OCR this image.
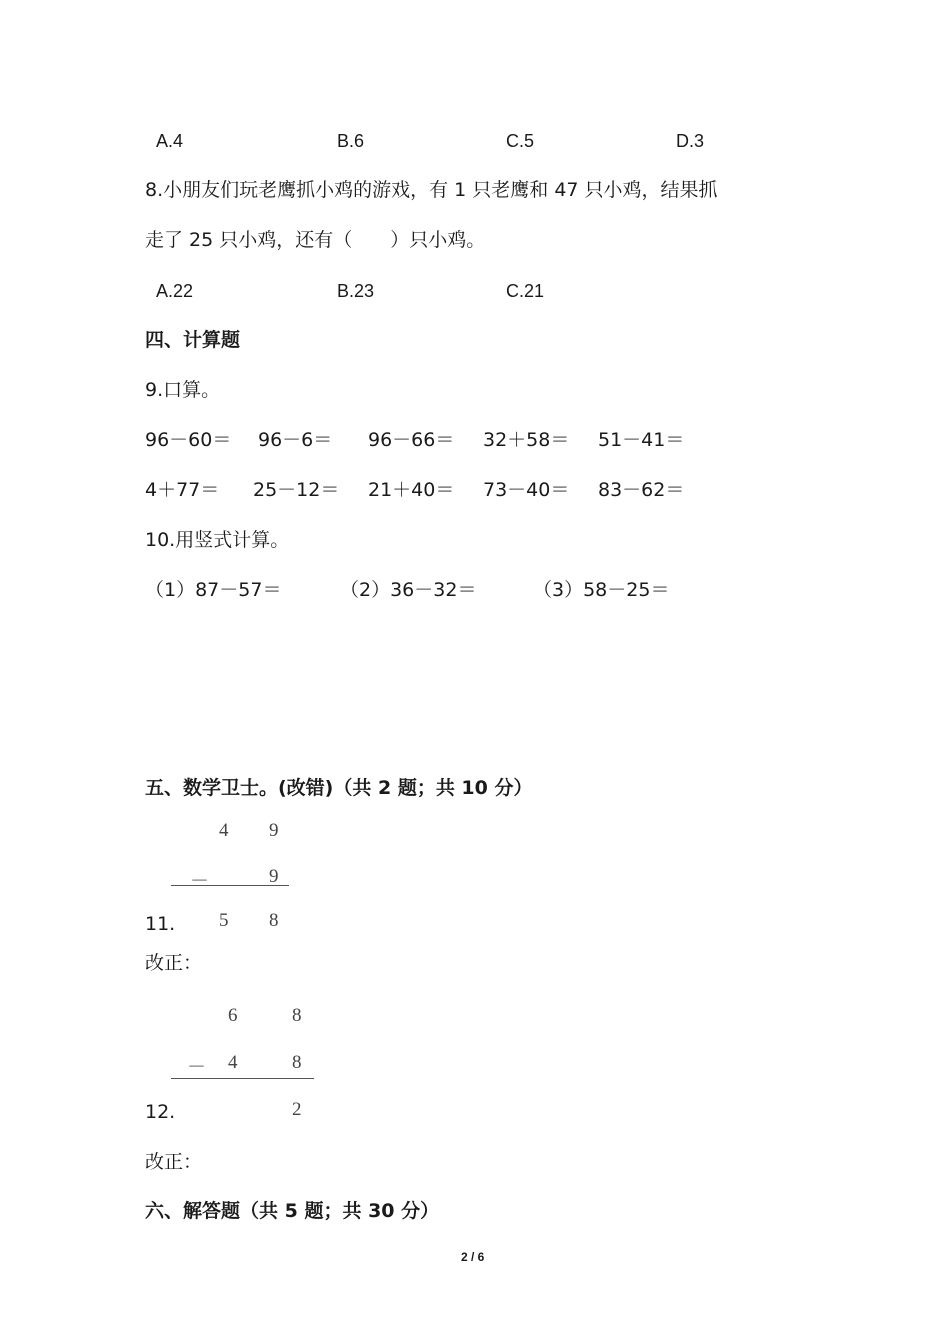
A.4	B.6	C.5	D.3
8.小朋友们玩老鹰抓小鸡的游戏，有 1 只老鹰和 47 只小鸡，结果抓
走了 25 只小鸡，还有（　　）只小鸡。
A.22	B.23	C.21
四、计算题
9.口算。
96－60＝ 96－6＝ 96－66＝ 32＋58＝ 51－41＝
4＋77＝ 25－12＝ 21＋40＝ 73－40＝ 83－62＝
10.用竖式计算。
（1）87－57＝	（2）36－32＝	（3）58－25＝
五、数学卫士。(改错)（共 2 题；共 10 分）
4 9
－	9
5 8
11.
改正：
6	8
－ 4	8
2
12.
改正：
六、解答题（共 5 题；共 30 分）
2 / 6
